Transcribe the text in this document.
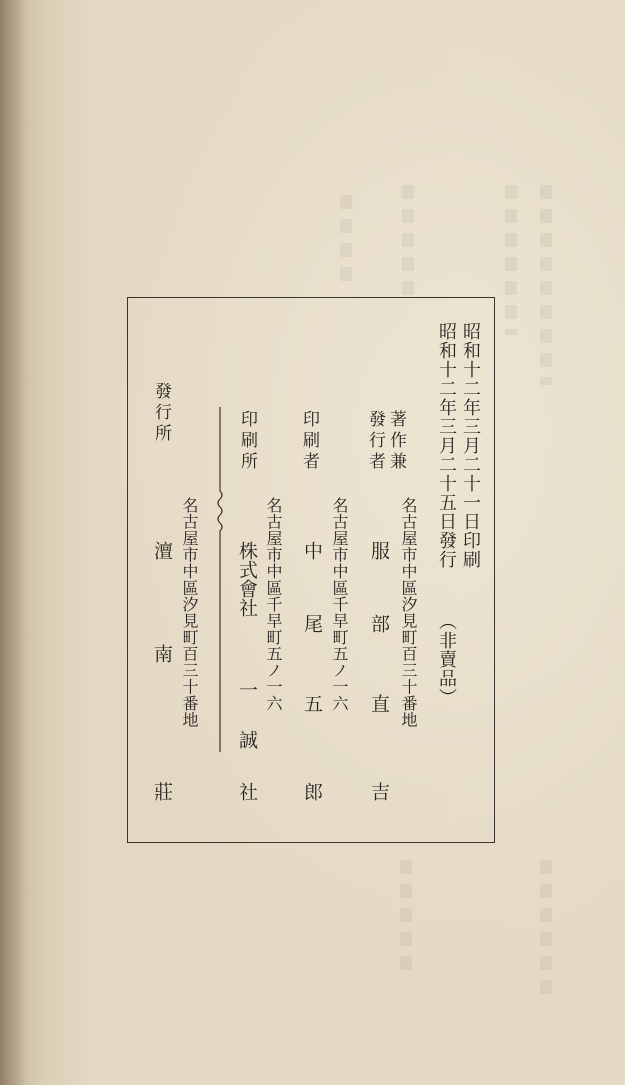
昭和十二年三月二十一日印刷
昭和十二年三月二十五日發行
（非賣品）
著作兼
發行者
名古屋市中區汐見町百三十番地
服
部
直
吉
印刷者
名古屋市中區千早町五ノ一六
中
尾
五
郎
印刷所
名古屋市中區千早町五ノ一六
株式會社
一
誠
社
發行所
名古屋市中區汐見町百三十番地
澶
南
莊
